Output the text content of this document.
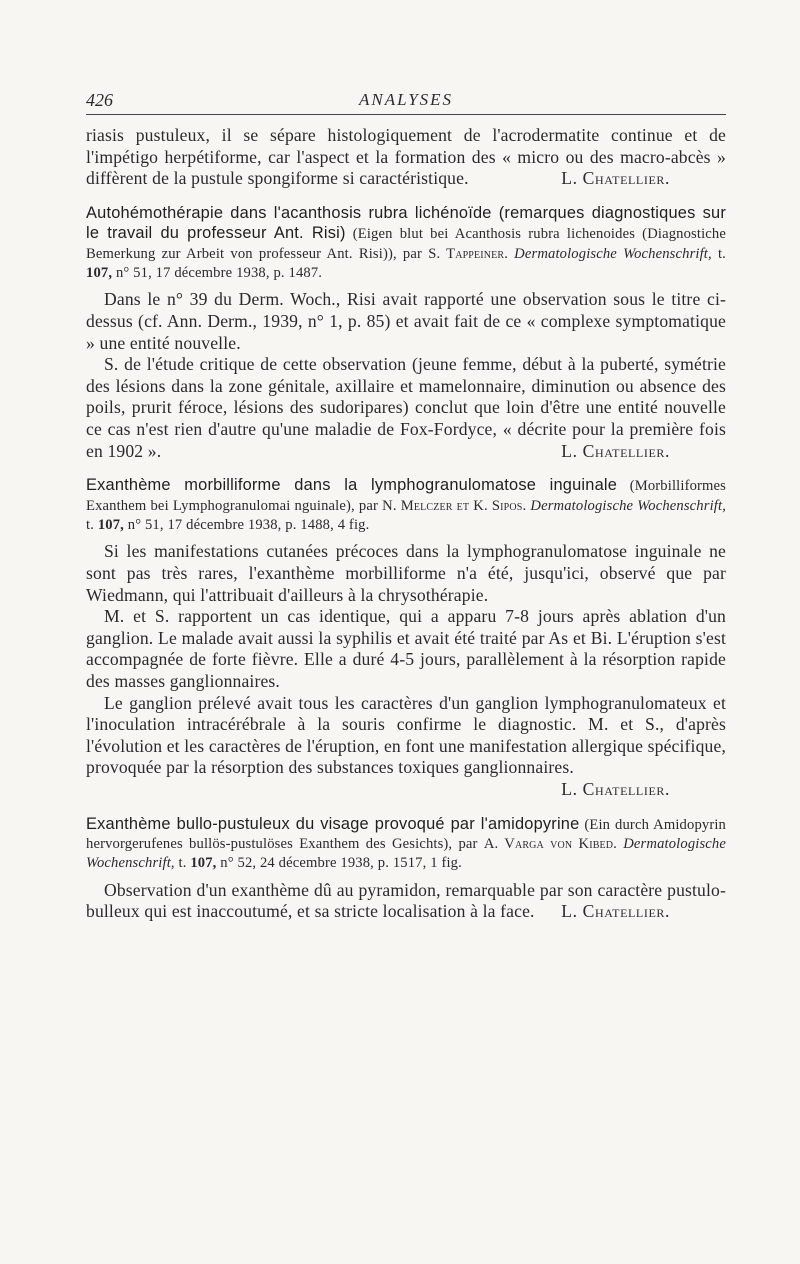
426	ANALYSES

riasis pustuleux, il se sépare histologiquement de l'acrodermatite continue et de l'impétigo herpétiforme, car l'aspect et la formation des « micro ou des macro-abcès » diffèrent de la pustule spongiforme si caractéristique.	L. Chatellier.

Autohémothérapie dans l'acanthosis rubra lichénoïde (remarques diagnostiques sur le travail du professeur Ant. Risi) (Eigen blut bei Acanthosis rubra lichenoides (Diagnostiche Bemerkung zur Arbeit von professeur Ant. Risi)), par S. Tappeiner. Dermatologische Wochenschrift, t. 107, n° 51, 17 décembre 1938, p. 1487.

Dans le n° 39 du Derm. Woch., Risi avait rapporté une observation sous le titre ci-dessus (cf. Ann. Derm., 1939, n° 1, p. 85) et avait fait de ce « complexe symptomatique » une entité nouvelle.

S. de l'étude critique de cette observation (jeune femme, début à la puberté, symétrie des lésions dans la zone génitale, axillaire et mamelonnaire, diminution ou absence des poils, prurit féroce, lésions des sudoripares) conclut que loin d'être une entité nouvelle ce cas n'est rien d'autre qu'une maladie de Fox-Fordyce, « décrite pour la première fois en 1902 ».	L. Chatellier.

Exanthème morbilliforme dans la lymphogranulomatose inguinale (Morbilliformes Exanthem bei Lymphogranulomai nguinale), par N. Melczer et K. Sipos. Dermatologische Wochenschrift, t. 107, n° 51, 17 décembre 1938, p. 1488, 4 fig.

Si les manifestations cutanées précoces dans la lymphogranulomatose inguinale ne sont pas très rares, l'exanthème morbilliforme n'a été, jusqu'ici, observé que par Wiedmann, qui l'attribuait d'ailleurs à la chrysothérapie.

M. et S. rapportent un cas identique, qui a apparu 7-8 jours après ablation d'un ganglion. Le malade avait aussi la syphilis et avait été traité par As et Bi. L'éruption s'est accompagnée de forte fièvre. Elle a duré 4-5 jours, parallèlement à la résorption rapide des masses ganglionnaires.

Le ganglion prélevé avait tous les caractères d'un ganglion lymphogranulomateux et l'inoculation intracérébrale à la souris confirme le diagnostic. M. et S., d'après l'évolution et les caractères de l'éruption, en font une manifestation allergique spécifique, provoquée par la résorption des substances toxiques ganglionnaires.
L. Chatellier.

Exanthème bullo-pustuleux du visage provoqué par l'amidopyrine (Ein durch Amidopyrin hervorgerufenes bullös-pustulöses Exanthem des Gesichts), par A. Varga von Kibed. Dermatologische Wochenschrift, t. 107, n° 52, 24 décembre 1938, p. 1517, 1 fig.

Observation d'un exanthème dû au pyramidon, remarquable par son caractère pustulo-bulleux qui est inaccoutumé, et sa stricte localisation à la face.	L. Chatellier.
